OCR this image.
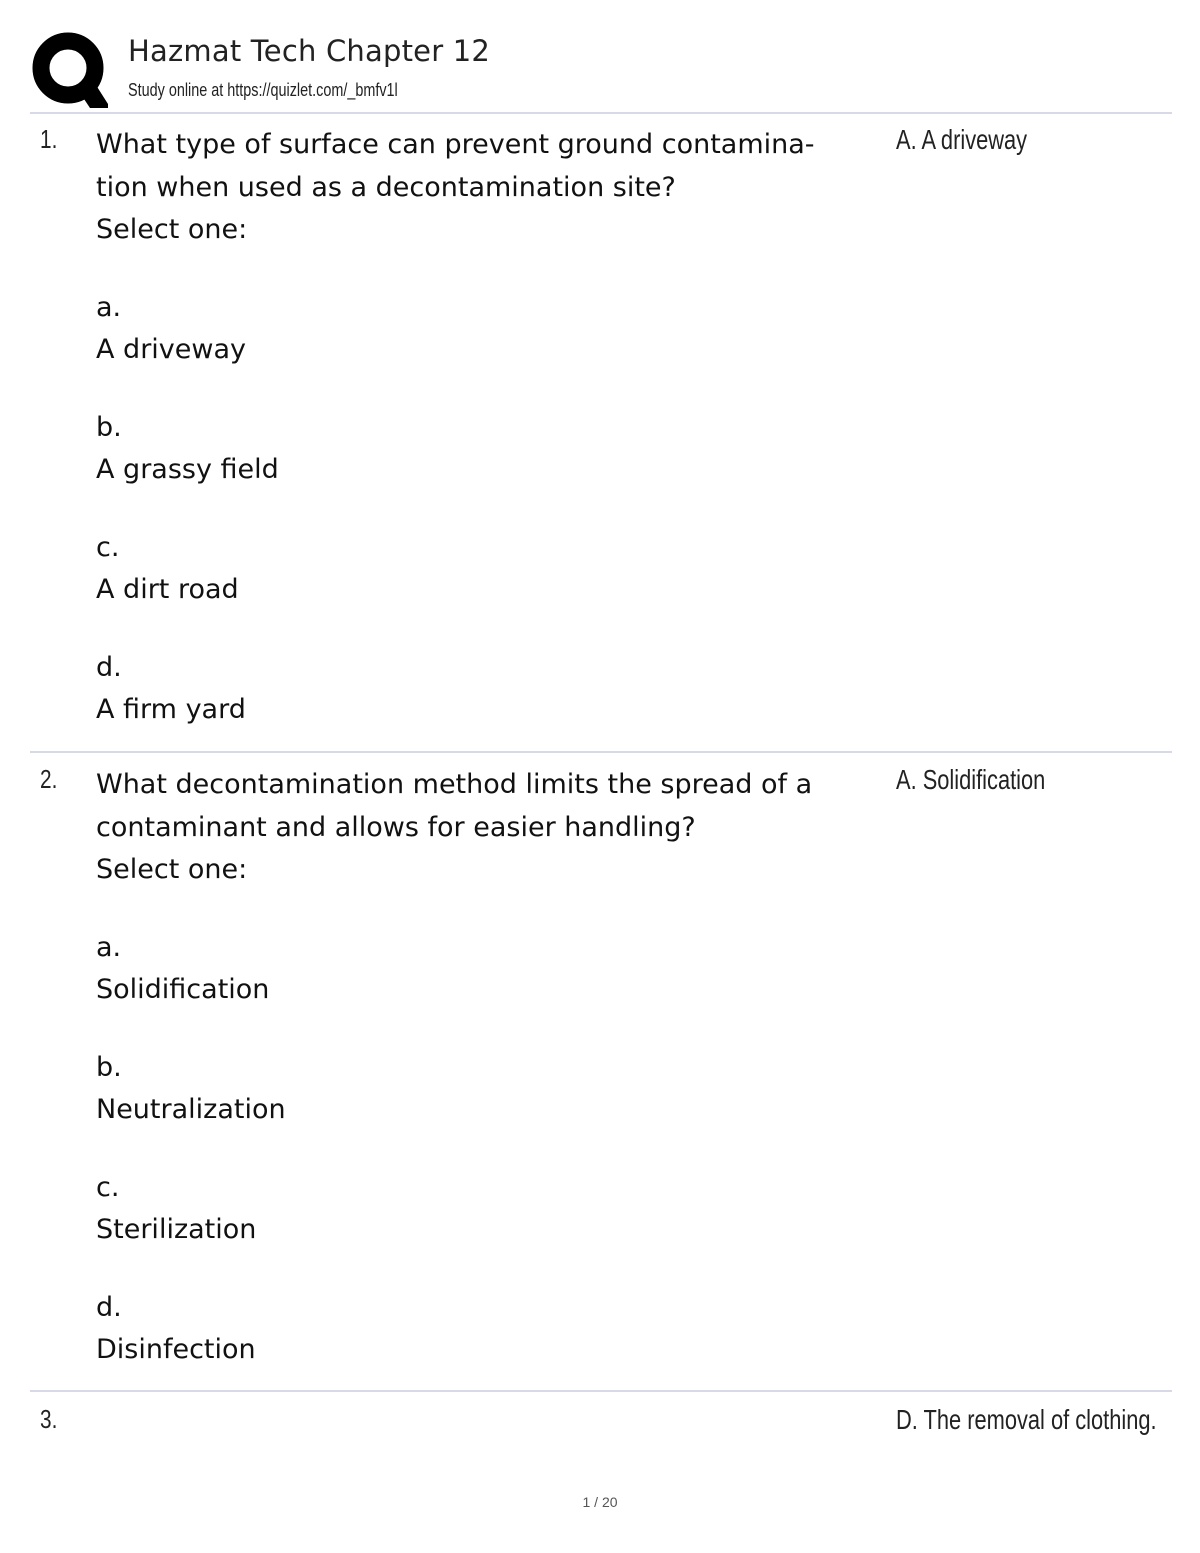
Hazmat Tech Chapter 12
Study online at https://quizlet.com/_bmfv1l
1. What type of surface can prevent ground contamina-
tion when used as a decontamination site?
Select one:
a.
A driveway
b.
A grassy field
c.
A dirt road
d.
A firm yard
A. A driveway
2. What decontamination method limits the spread of a
contaminant and allows for easier handling?
Select one:
a.
Solidification
b.
Neutralization
c.
Sterilization
d.
Disinfection
A. Solidification
3.	D. The removal of clothing.
1 / 20
